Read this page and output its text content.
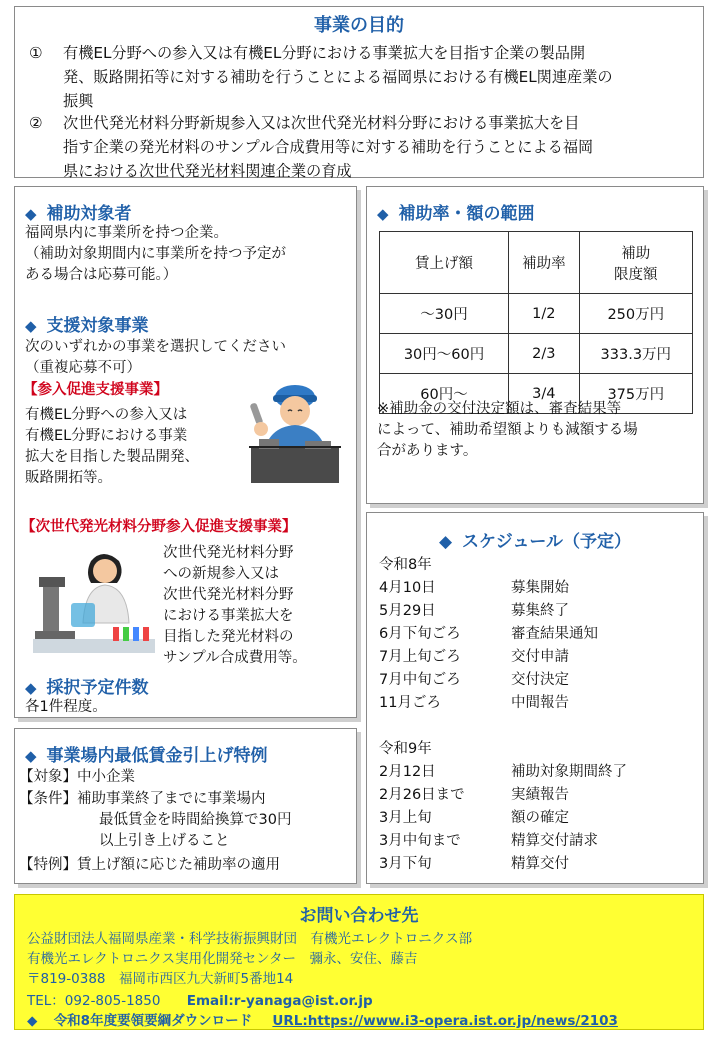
事業の目的
①	有機EL分野への参入又は有機EL分野における事業拡大を目指す企業の製品開
発、販路開拓等に対する補助を行うことによる福岡県における有機EL関連産業の
振興
②	次世代発光材料分野新規参入又は次世代発光材料分野における事業拡大を目
指す企業の発光材料のサンプル合成費用等に対する補助を行うことによる福岡
県における次世代発光材料関連企業の育成
◆ 補助対象者
福岡県内に事業所を持つ企業。
（補助対象期間内に事業所を持つ予定が
ある場合は応募可能。）
◆ 支援対象事業
次のいずれかの事業を選択してください
（重複応募不可）
【参入促進支援事業】
有機EL分野への参入又は
有機EL分野における事業
拡大を目指した製品開発、
販路開拓等。
【次世代発光材料分野参入促進支援事業】
次世代発光材料分野
への新規参入又は
次世代発光材料分野
における事業拡大を
目指した発光材料の
サンプル合成費用等。
◆ 採択予定件数
各1件程度。
◆ 補助率・額の範囲
賃上げ額	補助率	補助
限度額

～30円	1/2	250万円
30円～60円	2/3	333.3万円
60円～	3/4	375万円
※補助金の交付決定額は、審査結果等
によって、補助希望額よりも減額する場
合があります。
◆ スケジュール（予定）
令和8年
4月10日	募集開始
5月29日	募集終了
6月下旬ごろ	審査結果通知
7月上旬ごろ	交付申請
7月中旬ごろ	交付決定
11月ごろ	中間報告
令和9年
2月12日	補助対象期間終了
2月26日まで	実績報告
3月上旬	額の確定
3月中旬まで	精算交付請求
3月下旬	精算交付
◆ 事業場内最低賃金引上げ特例
【対象】中小企業
【条件】補助事業終了までに事業場内
最低賃金を時間給換算で30円
以上引き上げること
【特例】賃上げ額に応じた補助率の適用
お問い合わせ先
公益財団法人福岡県産業・科学技術振興財団　有機光エレクトロニクス部
有機光エレクトロニクス実用化開発センター　彌永、安住、藤吉
〒819-0388　福岡市西区九大新町5番地14
TEL：092-805-1850 Email:r-yanaga@ist.or.jp
◆ 令和8年度要領要綱ダウンロード URL:https://www.i3-opera.ist.or.jp/news/2103
